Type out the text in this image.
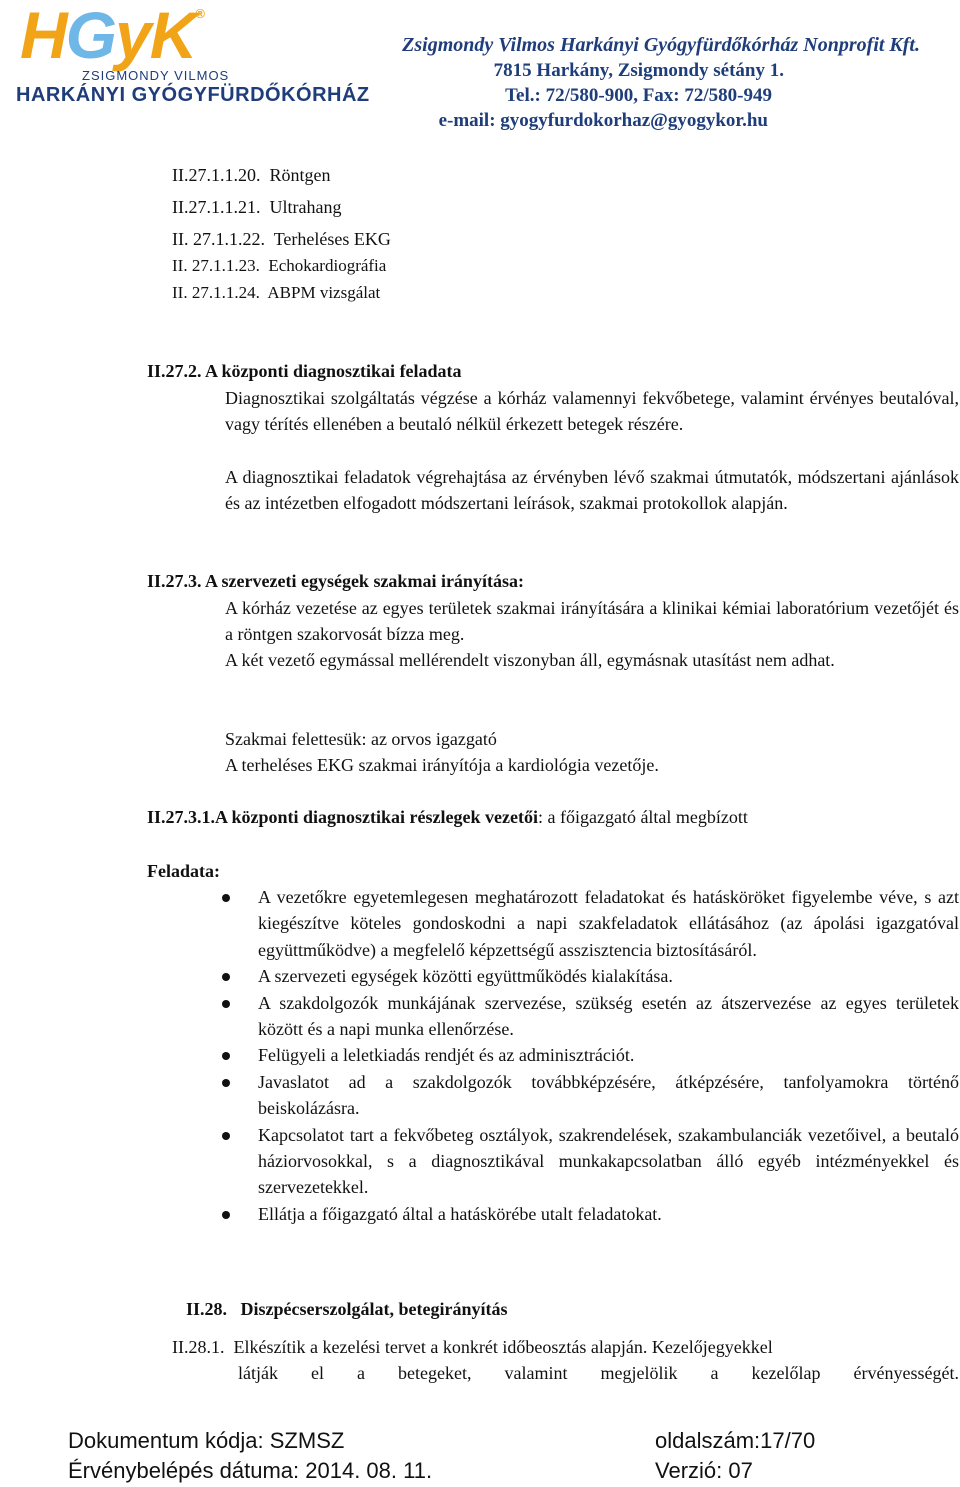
HGyK®
ZSIGMONDY VILMOS
HARKÁNYI GYÓGYFÜRDŐKÓRHÁZ
Zsigmondy Vilmos Harkányi Gyógyfürdőkórház Nonprofit Kft.
7815 Harkány, Zsigmondy sétány 1.
Tel.: 72/580-900, Fax: 72/580-949
e-mail: gyogyfurdokorhaz@gyogykor.hu
II.27.1.1.20. Röntgen
II.27.1.1.21. Ultrahang
II. 27.1.1.22. Terheléses EKG
II. 27.1.1.23. Echokardiográfia
II. 27.1.1.24. ABPM vizsgálat
II.27.2. A központi diagnosztikai feladata
Diagnosztikai szolgáltatás végzése a kórház valamennyi fekvőbetege, valamint érvényes beutalóval, vagy térítés ellenében a beutaló nélkül érkezett betegek részére.
A diagnosztikai feladatok végrehajtása az érvényben lévő szakmai útmutatók, módszertani ajánlások és az intézetben elfogadott módszertani leírások, szakmai protokollok alapján.
II.27.3. A szervezeti egységek szakmai irányítása:
A kórház vezetése az egyes területek szakmai irányítására a klinikai kémiai laboratórium vezetőjét és a röntgen szakorvosát bízza meg.
A két vezető egymással mellérendelt viszonyban áll, egymásnak utasítást nem adhat.
Szakmai felettesük: az orvos igazgató
A terheléses EKG szakmai irányítója a kardiológia vezetője.
II.27.3.1.A központi diagnosztikai részlegek vezetői: a főigazgató által megbízott
Feladata:
A vezetőkre egyetemlegesen meghatározott feladatokat és hatásköröket figyelembe véve, s azt kiegészítve köteles gondoskodni a napi szakfeladatok ellátásához (az ápolási igazgatóval együttműködve) a megfelelő képzettségű asszisztencia biztosításáról.
A szervezeti egységek közötti együttműködés kialakítása.
A szakdolgozók munkájának szervezése, szükség esetén az átszervezése az egyes területek között és a napi munka ellenőrzése.
Felügyeli a leletkiadás rendjét és az adminisztrációt.
Javaslatot ad a szakdolgozók továbbképzésére, átképzésére, tanfolyamokra történő beiskolázásra.
Kapcsolatot tart a fekvőbeteg osztályok, szakrendelések, szakambulanciák vezetőivel, a beutaló háziorvosokkal, s a diagnosztikával munkakapcsolatban álló egyéb intézményekkel és szervezetekkel.
Ellátja a főigazgató által a hatáskörébe utalt feladatokat.
II.28. Diszpécserszolgálat, betegirányítás
II.28.1. Elkészítik a kezelési tervet a konkrét időbeosztás alapján. Kezelőjegyekkel
látják el a betegeket, valamint megjelölik a kezelőlap érvényességét.
Dokumentum kódja: SZMSZ	oldalszám:17/70
Érvénybelépés dátuma: 2014. 08. 11.	Verzió: 07
